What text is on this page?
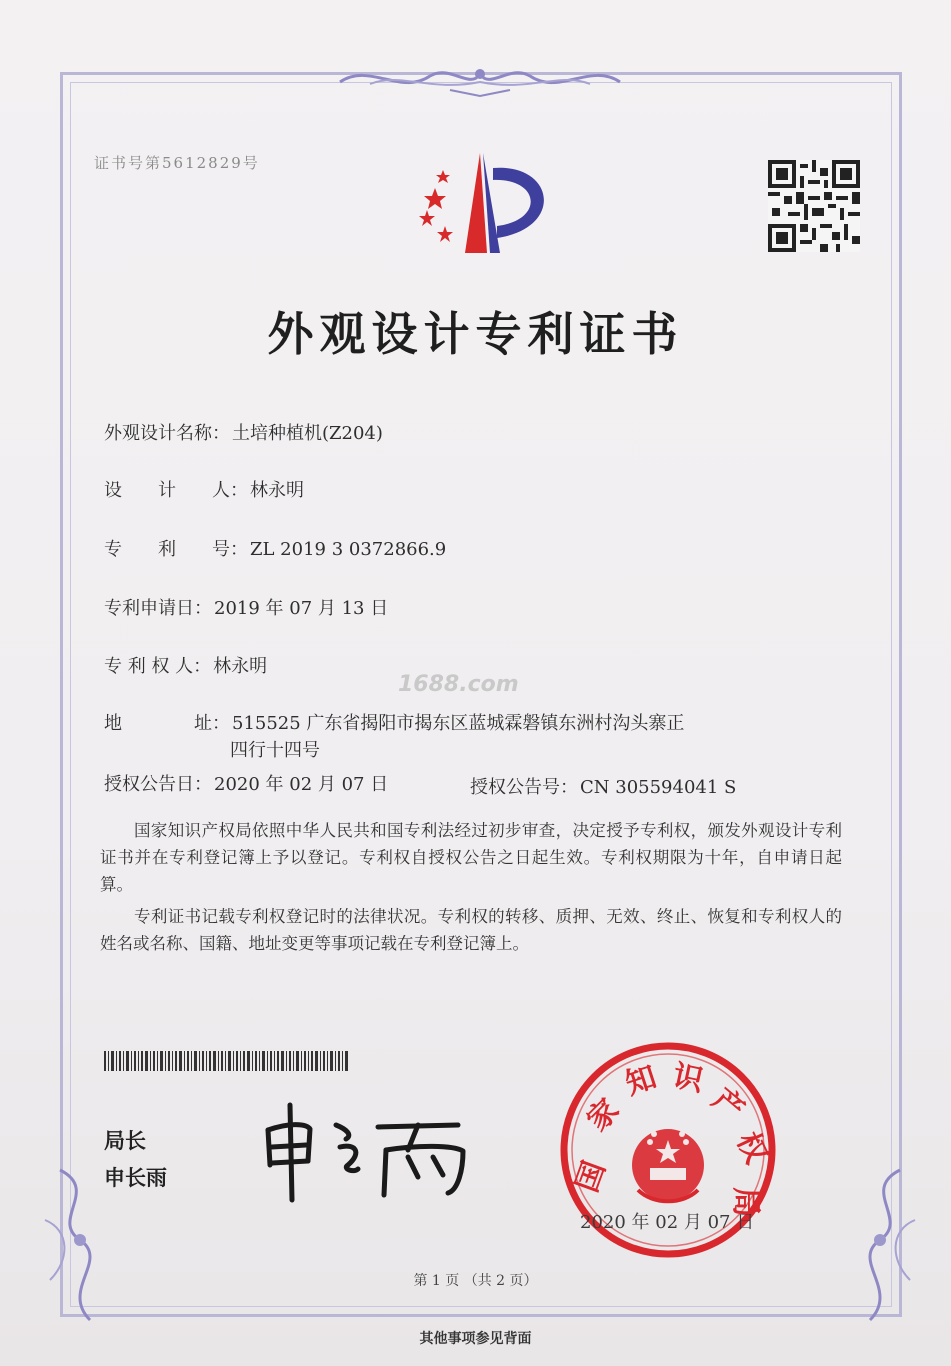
证书号第5612829号
外观设计专利证书
外观设计名称： 土培种植机(Z204)
设　　计　　人： 林永明
专　　利　　号： ZL 2019 3 0372866.9
专利申请日： 2019 年 07 月 13 日
专 利 权 人： 林永明
1688.com
地　　　　址： 515525 广东省揭阳市揭东区蓝城霖磐镇东洲村沟头寨正
四行十四号
授权公告日： 2020 年 02 月 07 日	授权公告号： CN 305594041 S
国家知识产权局依照中华人民共和国专利法经过初步审查，决定授予专利权，颁发外观设计专利证书并在专利登记簿上予以登记。专利权自授权公告之日起生效。专利权期限为十年，自申请日起算。
专利证书记载专利权登记时的法律状况。专利权的转移、质押、无效、终止、恢复和专利权人的姓名或名称、国籍、地址变更等事项记载在专利登记簿上。
局长
申长雨	国
家
知 识
产
权
局
2020 年 02 月 07 日
第 1 页 （共 2 页）
其他事项参见背面
